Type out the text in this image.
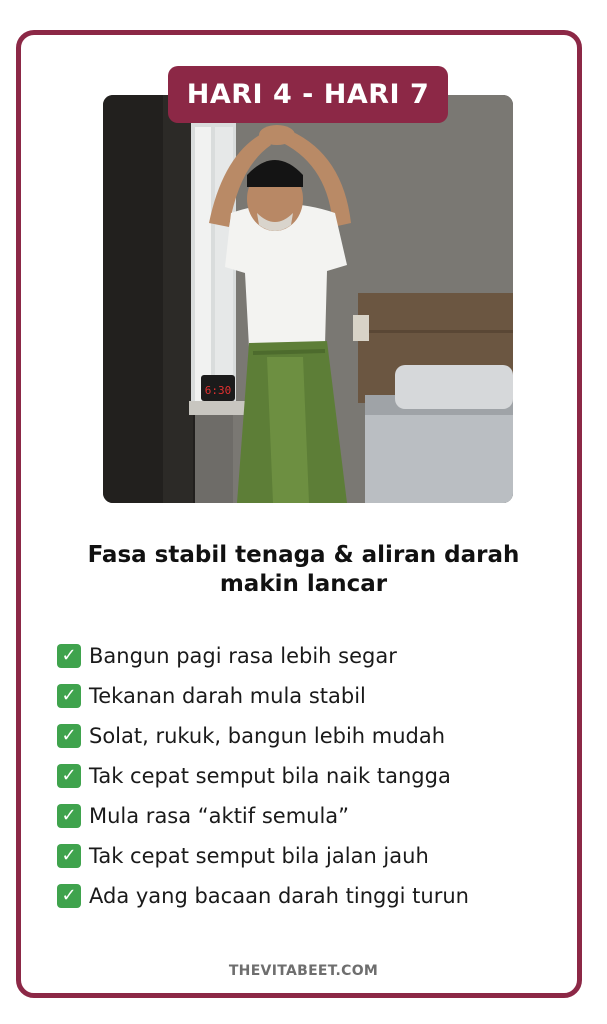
6:30
HARI 4 - HARI 7
Fasa stabil tenaga & aliran darah
makin lancar
✓ Bangun pagi rasa lebih segar
✓ Tekanan darah mula stabil
✓ Solat, rukuk, bangun lebih mudah
✓ Tak cepat semput bila naik tangga
✓ Mula rasa “aktif semula”
✓ Tak cepat semput bila jalan jauh
✓ Ada yang bacaan darah tinggi turun
THEVITABEET.COM
